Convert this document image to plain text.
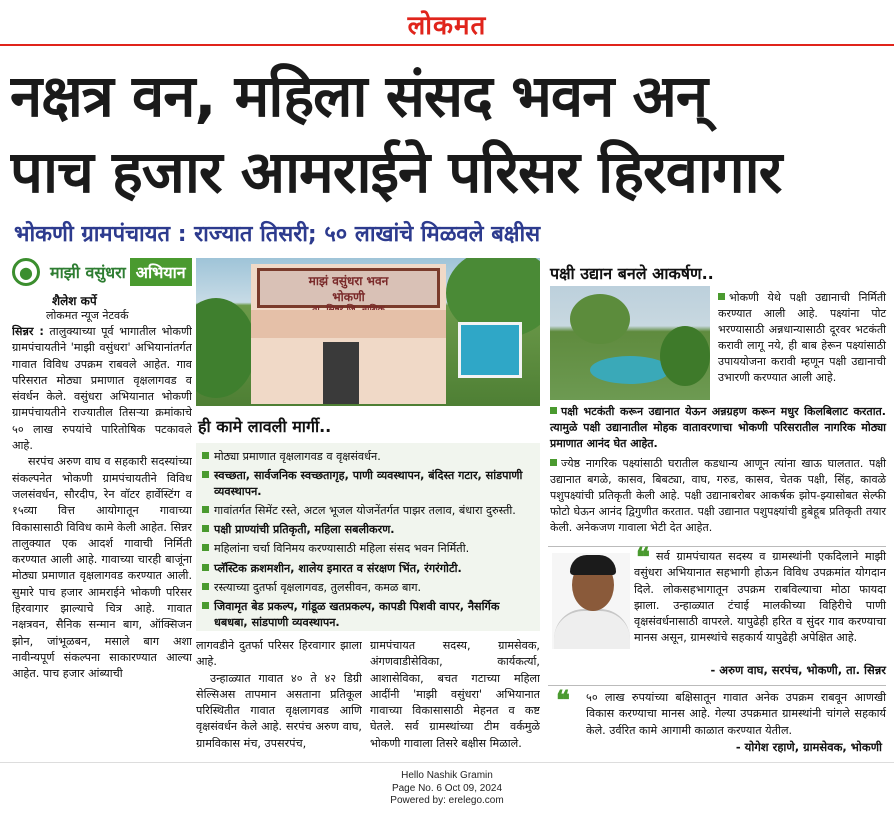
लोकमत
नक्षत्र वन, महिला संसद भवन अन्
पाच हजार आमराईने परिसर हिरवागार
भोकणी ग्रामपंचायत : राज्यात तिसरी; ५० लाखांचे मिळवले बक्षीस
●	माझी वसुंधरा अभियान
शैलेश कर्पे
लोकमत न्यूज नेटवर्क

सिन्नर : तालुक्याच्या पूर्व भागातील भोकणी ग्रामपंचायतीने 'माझी वसुंधरा' अभियानांतर्गत गावात विविध उपक्रम राबवले आहेत. गाव परिसरात मोठ्या प्रमाणात वृक्षलागवड व संवर्धन केले. वसुंधरा अभियानात भोकणी ग्रामपंचायतीने राज्यातील तिसऱ्या क्रमांकाचे ५० लाख रुपयांचे पारितोषिक पटकावले आहे.

सरपंच अरुण वाघ व सहकारी सदस्यांच्या संकल्पनेत भोकणी ग्रामपंचायतीने विविध जलसंवर्धन, सौरदीप, रेन वॉटर हार्वेस्टिंग व १५व्या वित्त आयोगातून गावाच्या विकासासाठी विविध कामे केली आहेत. सिन्नर तालुक्यात एक आदर्श गावाची निर्मिती करण्यात आली आहे. गावाच्या चारही बाजूंना मोठ्या प्रमाणात वृक्षलागवड करण्यात आली. सुमारे पाच हजार आमराईने भोकणी परिसर हिरवागार झाल्याचे चित्र आहे. गावात नक्षत्रवन, सैनिक सन्मान बाग, ऑक्सिजन झोन, जांभूळबन, मसाले बाग अशा नावीन्यपूर्ण संकल्पना साकारण्यात आल्या आहेत. पाच हजार आंब्याची

माझं वसुंधरा भवन
भोकणी
ही कामे लावली मार्गी..
मोठ्या प्रमाणात वृक्षलागवड व वृक्षसंवर्धन.
स्वच्छता, सार्वजनिक स्वच्छतागृह, पाणी व्यवस्थापन, बंदिस्त गटार, सांडपाणी व्यवस्थापन.
गावांतर्गत सिमेंट रस्ते, अटल भूजल योजनेंतर्गत पाझर तलाव, बंधारा दुरुस्ती.
पक्षी प्राण्यांची प्रतिकृती, महिला सबलीकरण.
महिलांना चर्चा विनिमय करण्यासाठी महिला संसद भवन निर्मिती.
प्लॅस्टिक क्रशमशीन, शालेय इमारत व संरक्षण भिंत, रंगरंगोटी.
रस्त्याच्या दुतर्फा वृक्षलागवड, तुलसीवन, कमळ बाग.
जिवामृत बेड प्रकल्प, गांडूळ खतप्रकल्प, कापडी पिशवी वापर, नैसर्गिक धबधबा, सांडपाणी व्यवस्थापन.

लागवडीने दुतर्फा परिसर हिरवागार झाला आहे.

उन्हाळ्यात गावात ४० ते ४२ डिग्री सेल्सिअस तापमान असताना प्रतिकूल परिस्थितीत गावात वृक्षलागवड आणि वृक्षसंवर्धन केले आहे. सरपंच अरुण वाघ, ग्रामविकास मंच, उपसरपंच,

ग्रामपंचायत सदस्य, ग्रामसेवक, अंगणवाडीसेविका, कार्यकर्त्या, आशासेविका, बचत गटाच्या महिला आदींनी 'माझी वसुंधरा' अभियानात गावाच्या विकासासाठी मेहनत व कष्ट घेतले. सर्व ग्रामस्थांच्या टीम वर्कमुळे भोकणी गावाला तिसरे बक्षीस मिळाले.

पक्षी उद्यान बनले आकर्षण..
भोकणी येथे पक्षी उद्यानाची निर्मिती करण्यात आली आहे. पक्ष्यांना पोट भरण्यासाठी अन्नधान्यासाठी दूरवर भटकंती करावी लागू नये, ही बाब हेरून पक्ष्यांसाठी उपाययोजना करावी म्हणून पक्षी उद्यानाची उभारणी करण्यात आली आहे.
पक्षी भटकंती करून उद्यानात येऊन अन्नग्रहण करून मधुर किलबिलाट करतात. त्यामुळे पक्षी उद्यानातील मोहक वातावरणाचा भोकणी परिसरातील नागरिक मोठ्या प्रमाणात आनंद घेत आहेत.
ज्येष्ठ नागरिक पक्ष्यांसाठी घरातील कडधान्य आणून त्यांना खाऊ घालतात. पक्षी उद्यानात बगळे, कासव, बिबट्या, वाघ, गरुड, कासव, चेतक पक्षी, सिंह, कावळे पशुपक्ष्यांची प्रतिकृती केली आहे. पक्षी उद्यानाबरोबर आकर्षक झोप-झ्यासोबत सेल्फी फोटो घेऊन आनंद द्विगुणीत करतात. पक्षी उद्यानात पशुपक्ष्यांची हुबेहूब प्रतिकृती तयार केली. अनेकजण गावाला भेटी देत आहेत.
❝ सर्व ग्रामपंचायत सदस्य व ग्रामस्थांनी एकदिलाने माझी वसुंधरा अभियानात सहभागी होऊन विविध उपक्रमांत योगदान दिले. लोकसहभागातून उपक्रम राबविल्याचा मोठा फायदा झाला. उन्हाळ्यात टंचाई मालकीच्या विहिरीचे पाणी वृक्षसंवर्धनासाठी वापरले. यापुढेही हरित व सुंदर गाव करण्याचा मानस असून, ग्रामस्थांचे सहकार्य यापुढेही अपेक्षित आहे.
- अरुण वाघ, सरपंच, भोकणी, ता. सिन्नर
❝ ५० लाख रुपयांच्या बक्षिसातून गावात अनेक उपक्रम राबवून आणखी विकास करण्याचा मानस आहे. गेल्या उपक्रमात ग्रामस्थांनी चांगले सहकार्य केले. उर्वरित कामे आगामी काळात करण्यात येतील.
- योगेश रहाणे, ग्रामसेवक, भोकणी
Hello Nashik Gramin
Page No. 6 Oct 09, 2024
Powered by: erelego.com
